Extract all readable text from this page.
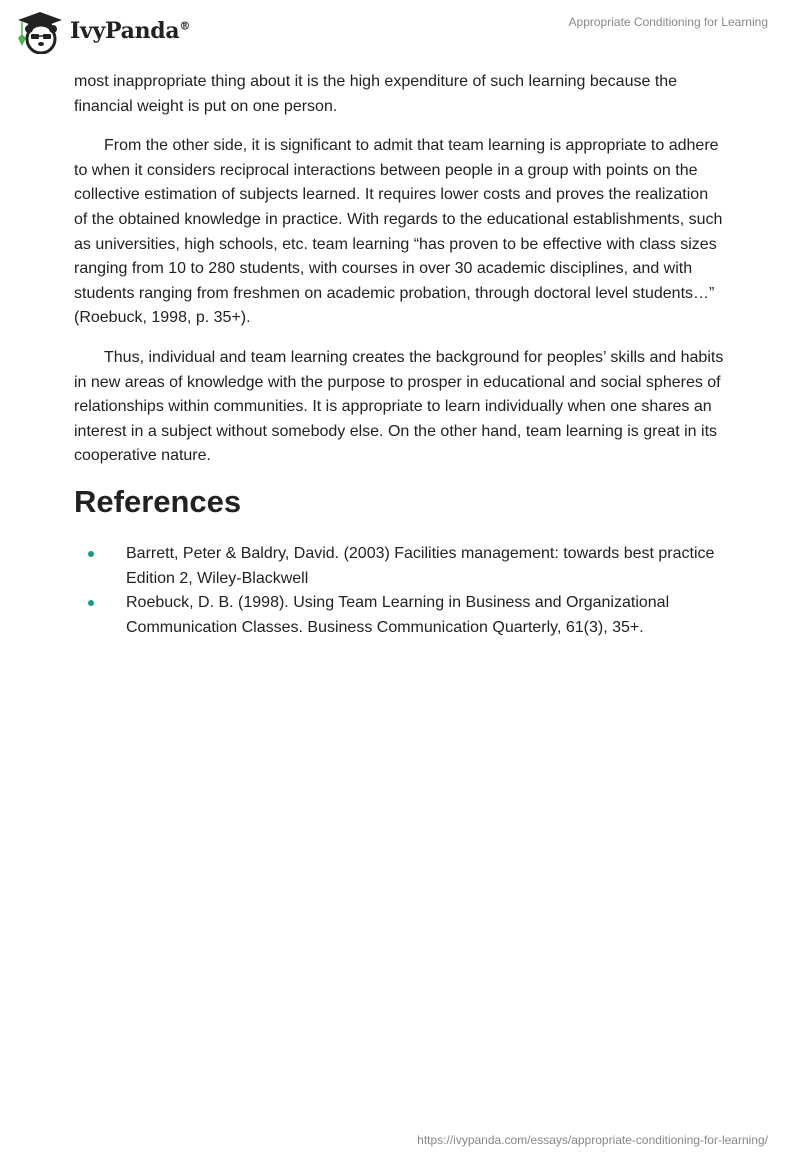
IvyPanda®	Appropriate Conditioning for Learning

most inappropriate thing about it is the high expenditure of such learning because the financial weight is put on one person.

From the other side, it is significant to admit that team learning is appropriate to adhere to when it considers reciprocal interactions between people in a group with points on the collective estimation of subjects learned. It requires lower costs and proves the realization of the obtained knowledge in practice. With regards to the educational establishments, such as universities, high schools, etc. team learning “has proven to be effective with class sizes ranging from 10 to 280 students, with courses in over 30 academic disciplines, and with students ranging from freshmen on academic probation, through doctoral level students…” (Roebuck, 1998, p. 35+).

Thus, individual and team learning creates the background for peoples’ skills and habits in new areas of knowledge with the purpose to prosper in educational and social spheres of relationships within communities. It is appropriate to learn individually when one shares an interest in a subject without somebody else. On the other hand, team learning is great in its cooperative nature.

References
Barrett, Peter & Baldry, David. (2003) Facilities management: towards best practice Edition 2, Wiley-Blackwell
Roebuck, D. B. (1998). Using Team Learning in Business and Organizational Communication Classes. Business Communication Quarterly, 61(3), 35+.
https://ivypanda.com/essays/appropriate-conditioning-for-learning/
